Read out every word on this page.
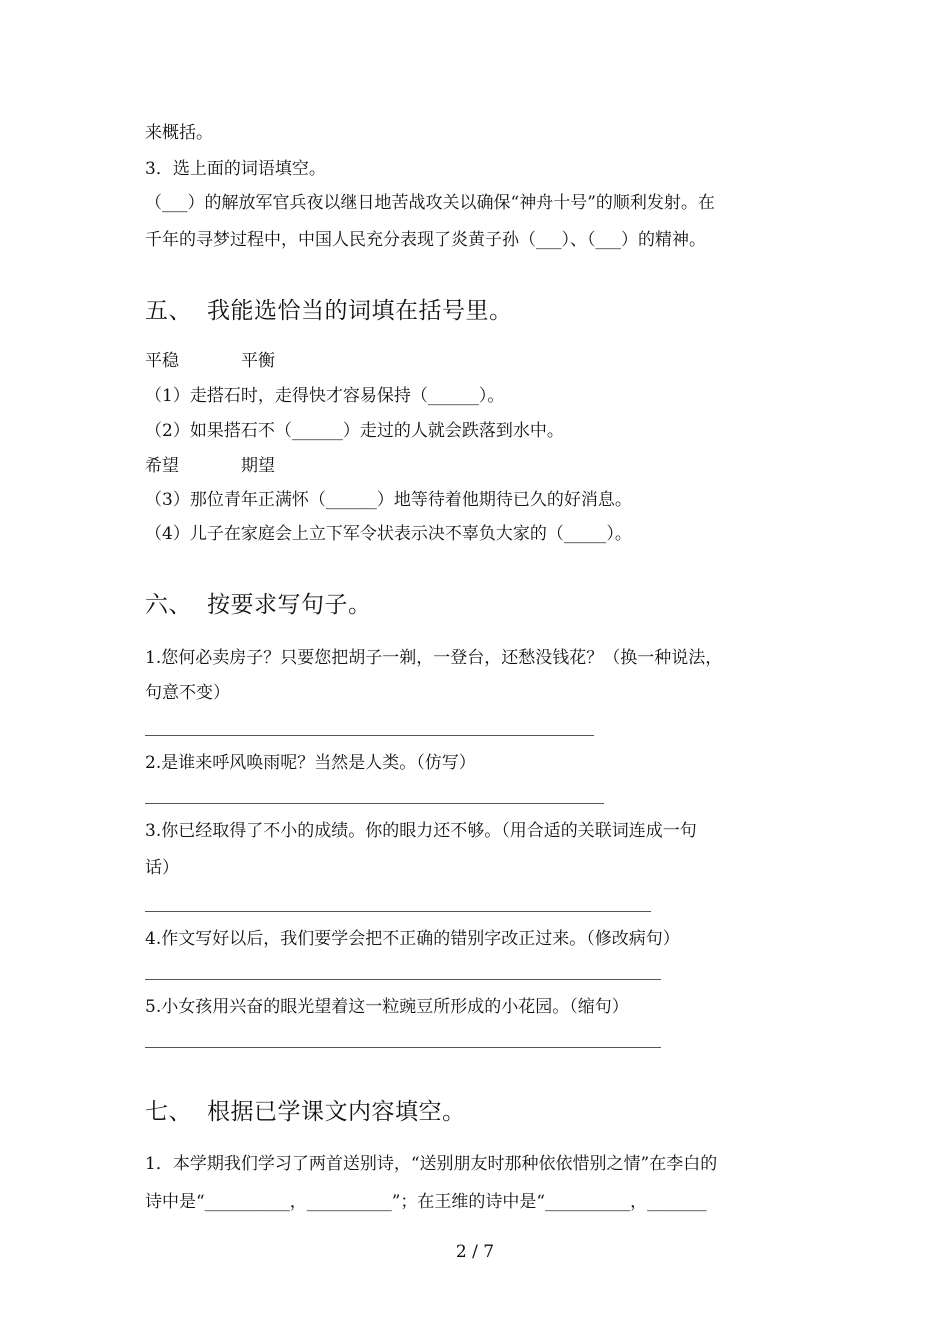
来概括。
3．选上面的词语填空。
（___）的解放军官兵夜以继日地苦战攻关以确保“神舟十号”的顺利发射。在
千年的寻梦过程中，中国人民充分表现了炎黄子孙（___）、（___）的精神。
五、 我能选恰当的词填在括号里。
平稳	平衡
（1）走搭石时，走得快才容易保持（______）。
（2）如果搭石不（______）走过的人就会跌落到水中。
希望	期望
（3）那位青年正满怀（______）地等待着他期待已久的好消息。
（4）儿子在家庭会上立下军令状表示决不辜负大家的（_____）。
六、 按要求写句子。
1.您何必卖房子？只要您把胡子一剃，一登台，还愁没钱花？（换一种说法，
句意不变）
2.是谁来呼风唤雨呢？当然是人类。（仿写）
3.你已经取得了不小的成绩。你的眼力还不够。（用合适的关联词连成一句
话）
4.作文写好以后，我们要学会把不正确的错别字改正过来。（修改病句）
5.小女孩用兴奋的眼光望着这一粒豌豆所形成的小花园。（缩句）
七、 根据已学课文内容填空。
1．本学期我们学习了两首送别诗，“送别朋友时那种依依惜别之情”在李白的
诗中是“__________，__________”；在王维的诗中是“__________，_______
2 / 7
